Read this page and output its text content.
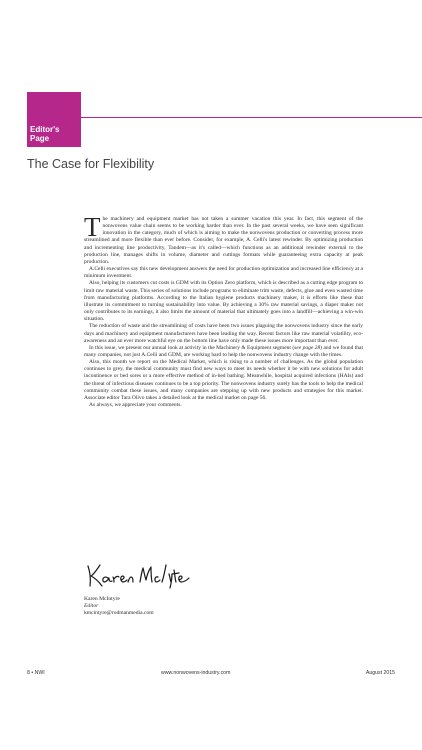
Editor's
Page
The Case for Flexibility

The machinery and equipment market has not taken a summer vacation this year. In fact, this segment of the nonwovens value chain seems to be working harder than ever. In the past several weeks, we have seen significant innovation in the category, much of which is aiming to make the nonwovens production or converting process more streamlined and more flexible than ever before. Consider, for example, A. Celli's latest rewinder. By optimizing production and incrementing line productivity, Tandem—as it's called—which functions as an additional rewinder external to the production line, manages shifts in volume, diameter and cuttings formats while guaranteeing extra capacity at peak production.

A.Celli executives say this new development answers the need for production optimization and increased line efficiency at a minimum investment.

Also, helping its customers cut costs is GDM with its Option Zero platform, which is described as a cutting edge program to limit raw material waste. This series of solutions include programs to eliminate trim waste, defects, glue and even wasted time from manufacturing platforms. According to the Italian hygiene products machinery maker, it is efforts like these that illustrate its commitment to turning sustainability into value. By achieving a 30% raw material savings, a diaper maker not only contributes to its earnings, it also limits the amount of material that ultimately goes into a landfill—achieving a win-win situation.

The reduction of waste and the streamlining of costs have been two issues plaguing the nonwovens industry since the early days and machinery and equipment manufacturers have been leading the way. Recent factors like raw material volatility, eco-awareness and an ever more watchful eye on the bottom line have only made these issues more important than ever.

In this issue, we present our annual look at activity in the Machinery & Equipment segment (see page 28) and we found that many companies, not just A.Celli and GDM, are working hard to help the nonwovens industry change with the times.

Also, this month we report on the Medical Market, which is rising to a number of challenges. As the global population continues to grey, the medical community must find new ways to meet its needs whether it be with new solutions for adult incontinence or bed sores or a more effective method of in-bed bathing. Meanwhile, hospital acquired infections (HAIs) and the threat of infectious diseases continues to be a top priority. The nonwovens industry surely has the tools to help the medical community combat these issues, and many companies are stepping up with new products and strategies for this market. Associate editor Tara Olivo takes a detailed look at the medical market on page 56.

As always, we appreciate your comments.

Karen McIntyre
Editor
kmcintyre@rodmanmedia.com
8 • NWI	www.nonwovens-industry.com	August 2015
